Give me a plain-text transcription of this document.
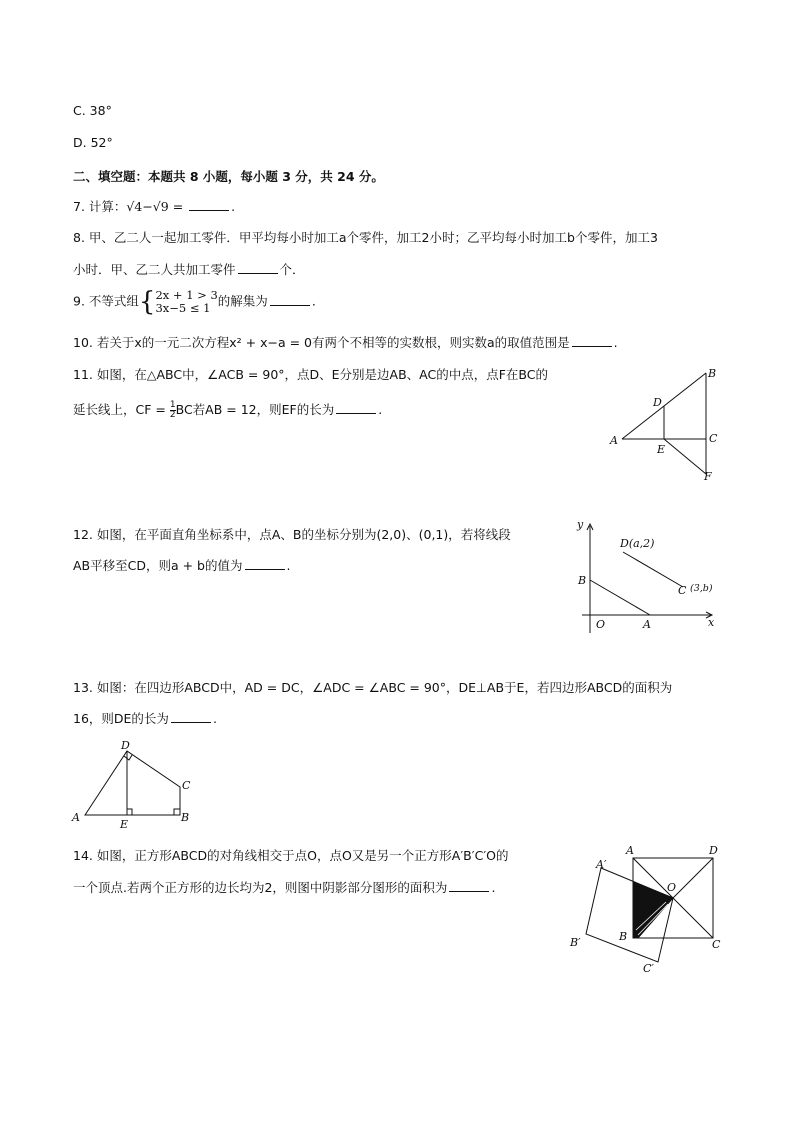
C. 38°
D. 52°
二、填空题：本题共 8 小题，每小题 3 分，共 24 分。
7. 计算：√4−√9 =	.
8. 甲、乙二人一起加工零件．甲平均每小时加工a个零件，加工2小时；乙平均每小时加工b个零件，加工3
小时．甲、乙二人共加工零件	个．
9. 不等式组{ 2x + 1 > 3
3x−5 ≤ 1 的解集为	.
10. 若关于x的一元二次方程x² + x−a = 0有两个不相等的实数根，则实数a的取值范围是	.
11. 如图，在△ABC中，∠ACB = 90°，点D、E分别是边AB、AC的中点，点F在BC的
延长线上，CF = $\frac{1}{2}$ BC若AB = 12，则EF的长为	.
B
D
A	C
E
F
12. 如图，在平面直角坐标系中，点A、B的坐标分别为(2,0)、(0,1)，若将线段
AB平移至CD，则a + b的值为	.
y
x
O	A
B
D(a,2)
C (3,b)
13. 如图：在四边形ABCD中，AD = DC，∠ADC = ∠ABC = 90°，DE⊥AB于E，若四边形ABCD的面积为
16，则DE的长为	.
D
C
A	B
E
14. 如图，正方形ABCD的对角线相交于点O，点O又是另一个正方形A′B′C′O的
一个顶点.若两个正方形的边长均为2，则图中阴影部分图形的面积为	.
A	D
O
B
C
A′
B′
C′
